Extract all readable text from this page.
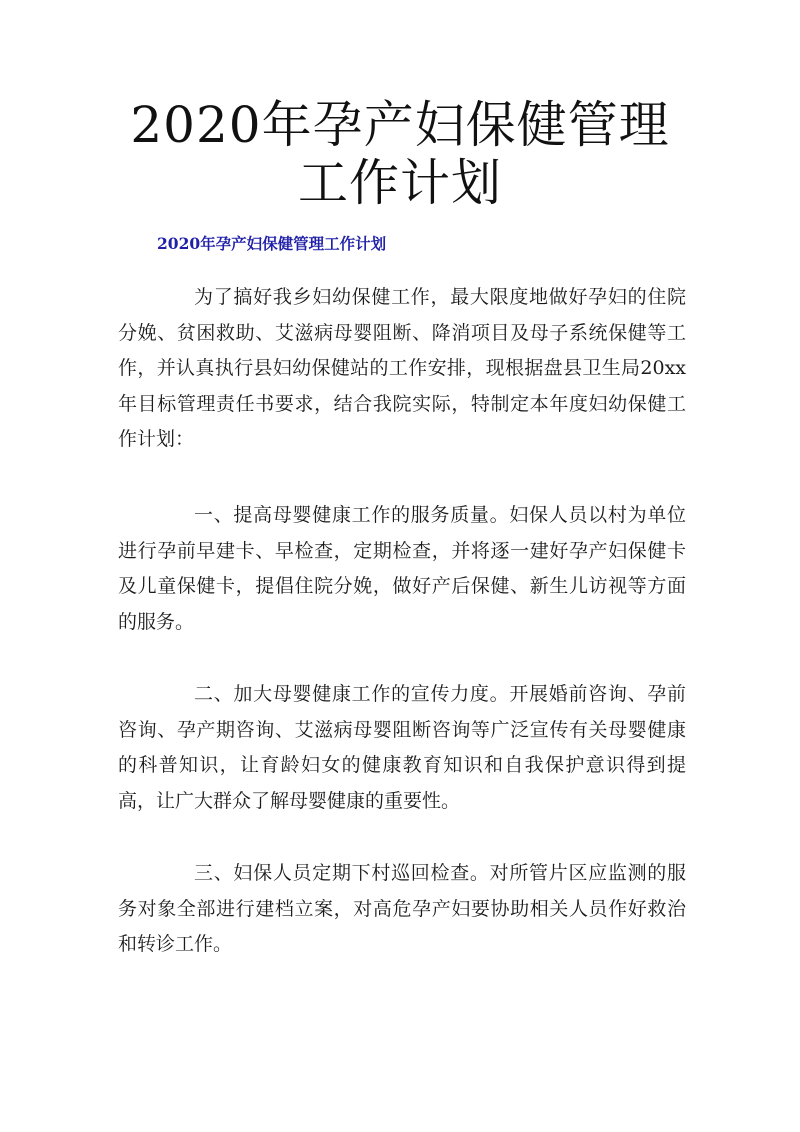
2020年孕产妇保健管理工作计划

2020年孕产妇保健管理工作计划

为了搞好我乡妇幼保健工作，最大限度地做好孕妇的住院分娩、贫困救助、艾滋病母婴阻断、降消项目及母子系统保健等工作，并认真执行县妇幼保健站的工作安排，现根据盘县卫生局20xx年目标管理责任书要求，结合我院实际，特制定本年度妇幼保健工作计划：

一、提高母婴健康工作的服务质量。妇保人员以村为单位进行孕前早建卡、早检查，定期检查，并将逐一建好孕产妇保健卡及儿童保健卡，提倡住院分娩，做好产后保健、新生儿访视等方面的服务。

二、加大母婴健康工作的宣传力度。开展婚前咨询、孕前咨询、孕产期咨询、艾滋病母婴阻断咨询等广泛宣传有关母婴健康的科普知识，让育龄妇女的健康教育知识和自我保护意识得到提高，让广大群众了解母婴健康的重要性。

三、妇保人员定期下村巡回检查。对所管片区应监测的服务对象全部进行建档立案，对高危孕产妇要协助相关人员作好救治和转诊工作。
